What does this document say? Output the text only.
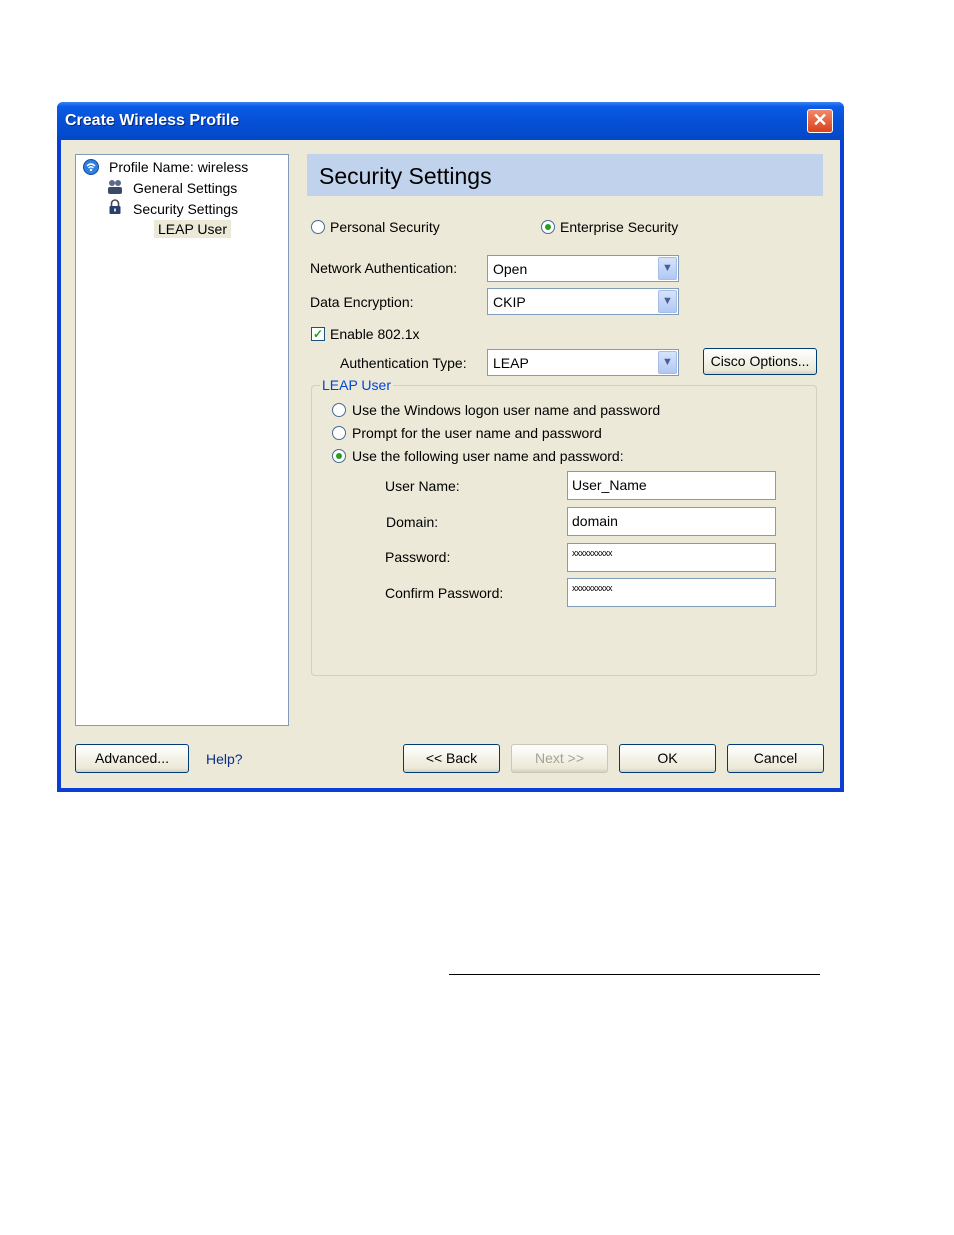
Create Wireless Profile	✕
Profile Name: wireless
General Settings
Security Settings
LEAP User
Security Settings
Personal Security	Enterprise Security
Network Authentication:	Open	▼
Data Encryption:	CKIP	▼
✓ Enable 802.1x
Authentication Type: LEAP	▼	Cisco Options...
LEAP User
Use the Windows logon user name and password
Prompt for the user name and password
Use the following user name and password:
User Name:	User_Name
Domain:	domain
Password:	xxxxxxxxxx
Confirm Password:	xxxxxxxxxx
Advanced...	Help?	<< Back	Next >>	OK	Cancel
